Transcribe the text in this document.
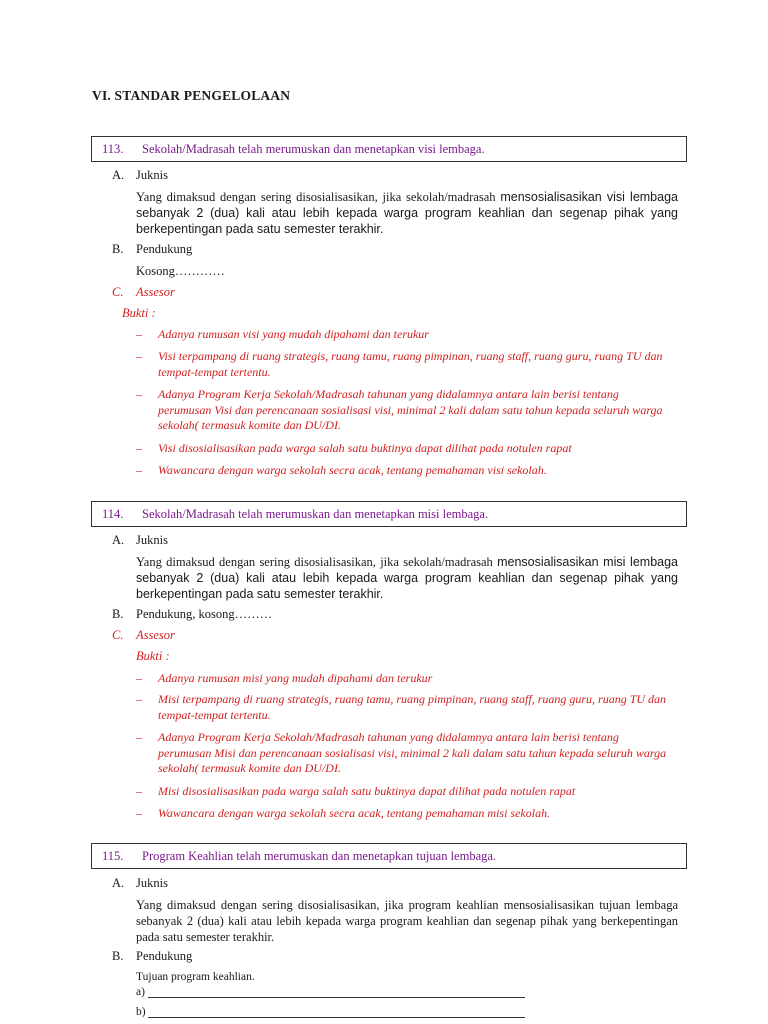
VI. STANDAR PENGELOLAAN
113. Sekolah/Madrasah telah merumuskan dan menetapkan visi lembaga.
A. Juknis
Yang dimaksud dengan sering disosialisasikan, jika sekolah/madrasah mensosialisasikan visi lembaga sebanyak 2 (dua) kali atau lebih kepada warga program keahlian dan segenap pihak yang berkepentingan pada satu semester terakhir.
B. Pendukung
Kosong…………
C. Assesor
Bukti :
– Adanya rumusan visi yang mudah dipahami dan terukur
– Visi terpampang di ruang strategis, ruang tamu, ruang pimpinan, ruang staff, ruang guru, ruang TU dan tempat-tempat tertentu.
– Adanya Program Kerja Sekolah/Madrasah tahunan yang didalamnya antara lain berisi tentang perumusan Visi dan perencanaan sosialisasi visi, minimal 2 kali dalam satu tahun kepada seluruh warga sekolah( termasuk komite dan DU/DI.
– Visi disosialisasikan pada warga salah satu buktinya dapat dilihat pada notulen rapat
– Wawancara dengan warga sekolah secra acak, tentang pemahaman visi sekolah.
114. Sekolah/Madrasah telah merumuskan dan menetapkan misi lembaga.
A. Juknis
Yang dimaksud dengan sering disosialisasikan, jika sekolah/madrasah mensosialisasikan misi lembaga sebanyak 2 (dua) kali atau lebih kepada warga program keahlian dan segenap pihak yang berkepentingan pada satu semester terakhir.
B. Pendukung, kosong………
C. Assesor
Bukti :
– Adanya rumusan misi yang mudah dipahami dan terukur
– Misi terpampang di ruang strategis, ruang tamu, ruang pimpinan, ruang staff, ruang guru, ruang TU dan tempat-tempat tertentu.
– Adanya Program Kerja Sekolah/Madrasah tahunan yang didalamnya antara lain berisi tentang perumusan Misi dan perencanaan sosialisasi visi, minimal 2 kali dalam satu tahun kepada seluruh warga sekolah( termasuk komite dan DU/DI.
– Misi disosialisasikan pada warga salah satu buktinya dapat dilihat pada notulen rapat
– Wawancara dengan warga sekolah secra acak, tentang pemahaman misi sekolah.
115. Program Keahlian telah merumuskan dan menetapkan tujuan lembaga.
A. Juknis
Yang dimaksud dengan sering disosialisasikan, jika program keahlian mensosialisasikan tujuan lembaga sebanyak 2 (dua) kali atau lebih kepada warga program keahlian dan segenap pihak yang berkepentingan pada satu semester terakhir.
B. Pendukung
Tujuan program keahlian.
a)
b)
